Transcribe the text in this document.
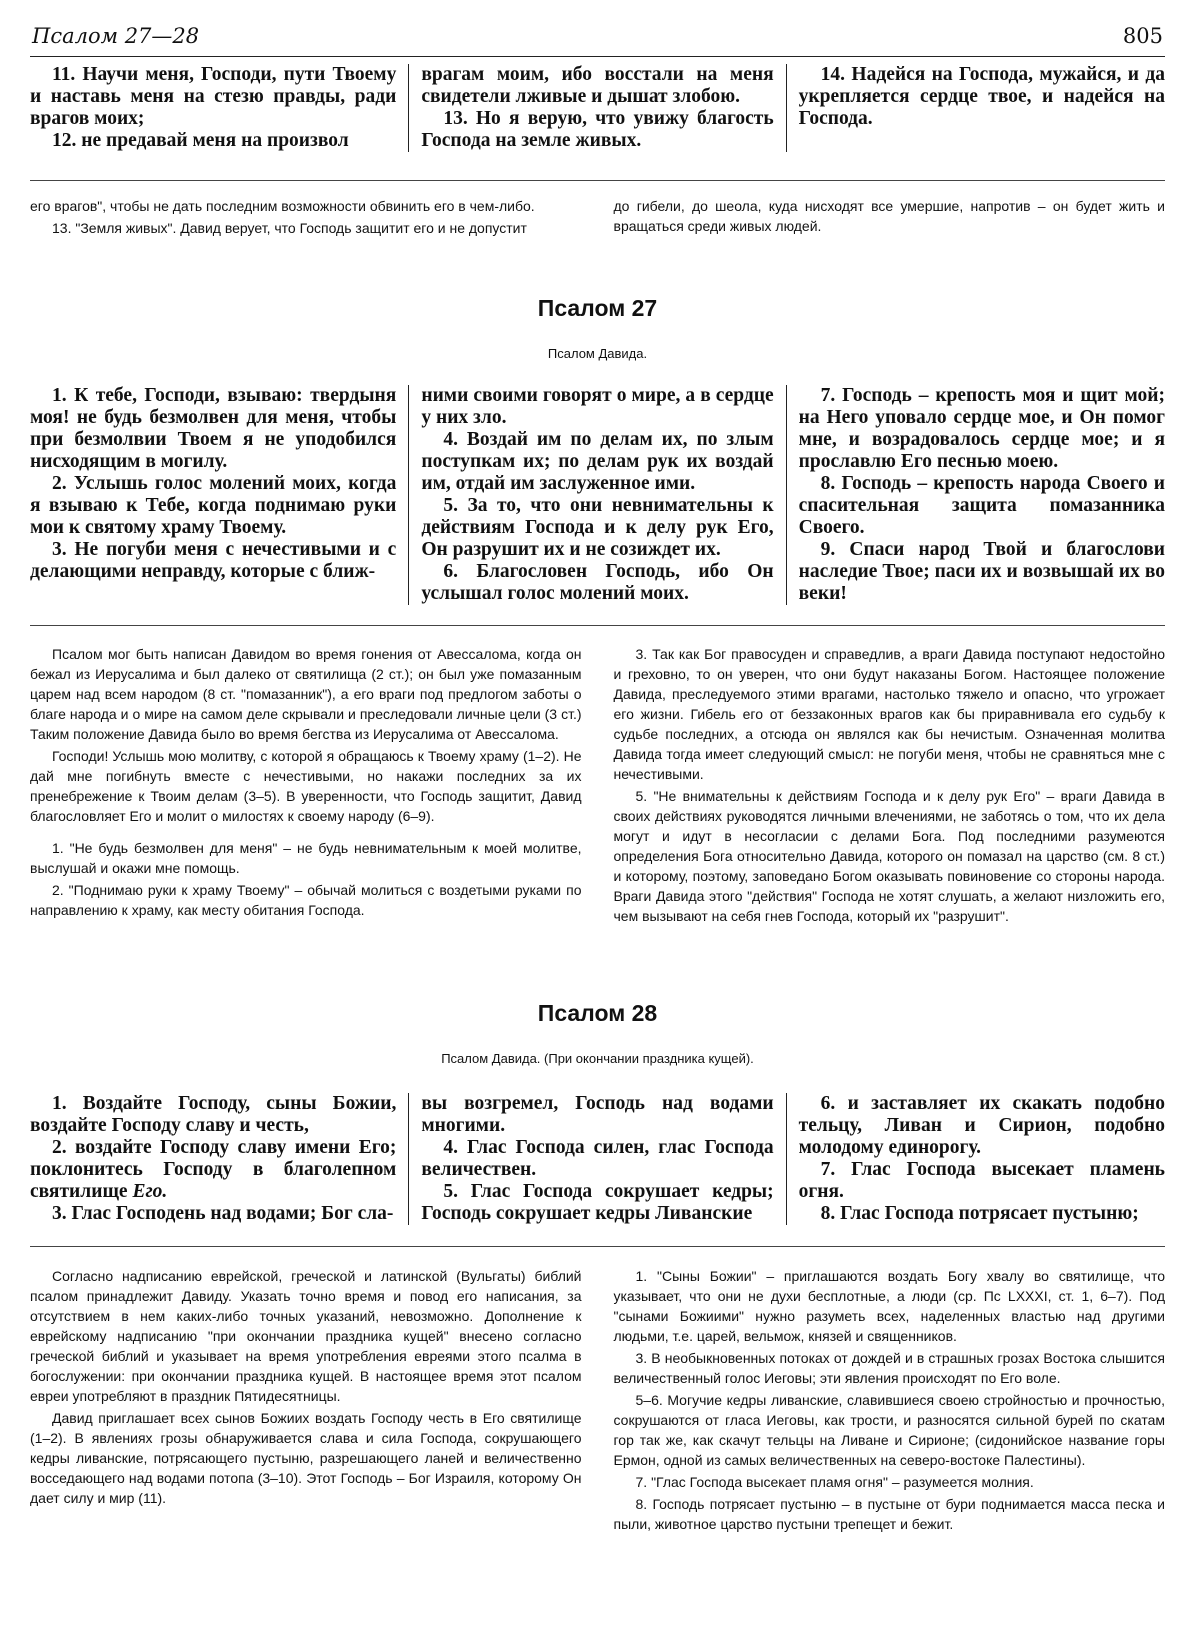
Псалом 27—28	805

11. Научи меня, Господи, пути Твоему и наставь меня на стезю правды, ради врагов моих;

12. не предавай меня на произвол

врагам моим, ибо восстали на меня свидетели лживые и дышат злобою.

13. Но я верую, что увижу благость Господа на земле живых.

14. Надейся на Господа, мужайся, и да укрепляется сердце твое, и надейся на Господа.

его врагов", чтобы не дать последним возможности обвинить его в чем-либо.

13. "Земля живых". Давид верует, что Господь защитит его и не допустит

до гибели, до шеола, куда нисходят все умершие, напротив – он будет жить и вращаться среди живых людей.

Псалом 27
Псалом Давида.

1. К тебе, Господи, взываю: твердыня моя! не будь безмолвен для меня, чтобы при безмолвии Твоем я не уподобился нисходящим в могилу.

2. Услышь голос молений моих, когда я взываю к Тебе, когда поднимаю руки мои к святому храму Твоему.

3. Не погуби меня с нечестивыми и с делающими неправду, которые с ближ-

ними своими говорят о мире, а в сердце у них зло.

4. Воздай им по делам их, по злым поступкам их; по делам рук их воздай им, отдай им заслуженное ими.

5. За то, что они невнимательны к действиям Господа и к делу рук Его, Он разрушит их и не созиждет их.

6. Благословен Господь, ибо Он услышал голос молений моих.

7. Господь – крепость моя и щит мой; на Него уповало сердце мое, и Он помог мне, и возрадовалось сердце мое; и я прославлю Его песнью моею.

8. Господь – крепость народа Своего и спасительная защита помазанника Своего.

9. Спаси народ Твой и благослови наследие Твое; паси их и возвышай их во веки!

Псалом мог быть написан Давидом во время гонения от Авессалома, когда он бежал из Иерусалима и был далеко от святилища (2 ст.); он был уже помазанным царем над всем народом (8 ст. "помазанник"), а его враги под предлогом заботы о благе народа и о мире на самом деле скрывали и преследовали личные цели (3 ст.) Таким положение Давида было во время бегства из Иерусалима от Авессалома.

Господи! Услышь мою молитву, с которой я обращаюсь к Твоему храму (1–2). Не дай мне погибнуть вместе с нечестивыми, но накажи последних за их пренебрежение к Твоим делам (3–5). В уверенности, что Господь защитит, Давид благословляет Его и молит о милостях к своему народу (6–9).

1. "Не будь безмолвен для меня" – не будь невнимательным к моей молитве, выслушай и окажи мне помощь.

2. "Поднимаю руки к храму Твоему" – обычай молиться с воздетыми руками по направлению к храму, как месту обитания Господа.

3. Так как Бог правосуден и справедлив, а враги Давида поступают недостойно и греховно, то он уверен, что они будут наказаны Богом. Настоящее положение Давида, преследуемого этими врагами, настолько тяжело и опасно, что угрожает его жизни. Гибель его от беззаконных врагов как бы приравнивала его судьбу к судьбе последних, а отсюда он являлся как бы нечистым. Означенная молитва Давида тогда имеет следующий смысл: не погуби меня, чтобы не сравняться мне с нечестивыми.

5. "Не внимательны к действиям Господа и к делу рук Его" – враги Давида в своих действиях руководятся личными влечениями, не заботясь о том, что их дела могут и идут в несогласии с делами Бога. Под последними разумеются определения Бога относительно Давида, которого он помазал на царство (см. 8 ст.) и которому, поэтому, заповедано Богом оказывать повиновение со стороны народа. Враги Давида этого "действия" Господа не хотят слушать, а желают низложить его, чем вызывают на себя гнев Господа, который их "разрушит".

Псалом 28
Псалом Давида. (При окончании праздника кущей).

1. Воздайте Господу, сыны Божии, воздайте Господу славу и честь,

2. воздайте Господу славу имени Его; поклонитесь Господу в благолепном святилище Его.

3. Глас Господень над водами; Бог сла-

вы возгремел, Господь над водами многими.

4. Глас Господа силен, глас Господа величествен.

5. Глас Господа сокрушает кедры; Господь сокрушает кедры Ливанские

6. и заставляет их скакать подобно тельцу, Ливан и Сирион, подобно молодому единорогу.

7. Глас Господа высекает пламень огня.

8. Глас Господа потрясает пустыню;

Согласно надписанию еврейской, греческой и латинской (Вульгаты) библий псалом принадлежит Давиду. Указать точно время и повод его написания, за отсутствием в нем каких-либо точных указаний, невозможно. Дополнение к еврейскому надписанию "при окончании праздника кущей" внесено согласно греческой библий и указывает на время употребления евреями этого псалма в богослужении: при окончании праздника кущей. В настоящее время этот псалом евреи употребляют в праздник Пятидесятницы.

Давид приглашает всех сынов Божиих воздать Господу честь в Его святилище (1–2). В явлениях грозы обнаруживается слава и сила Господа, сокрушающего кедры ливанские, потрясающего пустыню, разрешающего ланей и величественно восседающего над водами потопа (3–10). Этот Господь – Бог Израиля, которому Он дает силу и мир (11).

1. "Сыны Божии" – приглашаются воздать Богу хвалу во святилище, что указывает, что они не духи бесплотные, а люди (ср. Пс LXXXI, ст. 1, 6–7). Под "сынами Божиими" нужно разуметь всех, наделенных властью над другими людьми, т.е. царей, вельмож, князей и священников.

3. В необыкновенных потоках от дождей и в страшных грозах Востока слышится величественный голос Иеговы; эти явления происходят по Его воле.

5–6. Могучие кедры ливанские, славившиеся своею стройностью и прочностью, сокрушаются от гласа Иеговы, как трости, и разносятся сильной бурей по скатам гор так же, как скачут тельцы на Ливане и Сирионе; (сидонийское название горы Ермон, одной из самых величественных на северо-востоке Палестины).

7. "Глас Господа высекает пламя огня" – разумеется молния.

8. Господь потрясает пустыню – в пустыне от бури поднимается масса песка и пыли, животное царство пустыни трепещет и бежит.
